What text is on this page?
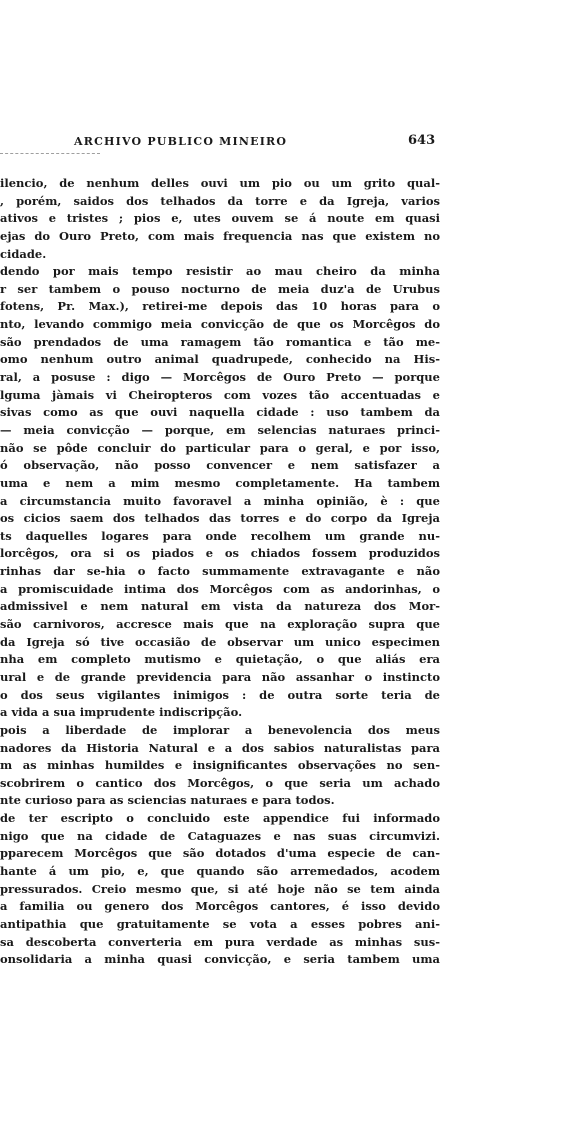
ARCHIVO PUBLICO MINEIRO	643
ilencio, de nenhum delles ouvi um pio ou um grito qual-
, porém, saidos dos telhados da torre e da Igreja, varios
ativos e tristes ; pios e, utes ouvem se á noute em quasi
ejas do Ouro Preto, com mais frequencia nas que existem no
cidade.
dendo por mais tempo resistir ao mau cheiro da minha
r ser tambem o pouso nocturno de meia duz'a de Urubus
fotens, Pr. Max.), retirei-me depois das 10 horas para o
nto, levando commigo meia convicção de que os Morcêgos do
são prendados de uma ramagem tão romantica e tão me-
omo nenhum outro animal quadrupede, conhecido na His-
ral, a posuse : digo — Morcêgos de Ouro Preto — porque
lguma jàmais vi Cheiropteros com vozes tão accentuadas e
sivas como as que ouvi naquella cidade : uso tambem da
— meia convicção — porque, em selencias naturaes princi-
não se pôde concluir do particular para o geral, e por isso,
ó observação, não posso convencer e nem satisfazer a
uma e nem a mim mesmo completamente. Ha tambem
a circumstancia muito favoravel a minha opinião, è : que
os cicios saem dos telhados das torres e do corpo da Igreja
ts daquelles logares para onde recolhem um grande nu-
lorcêgos, ora si os piados e os chiados fossem produzidos
rinhas dar se-hia o facto summamente extravagante e não
a promiscuidade intima dos Morcêgos com as andorinhas, o
admissivel e nem natural em vista da natureza dos Mor-
são carnivoros, accresce mais que na exploração supra que
da Igreja só tive occasião de observar um unico especimen
nha em completo mutismo e quietação, o que aliás era
ural e de grande previdencia para não assanhar o instincto
o dos seus vigilantes inimigos : de outra sorte teria de
a vida a sua imprudente indiscripção.
pois a liberdade de implorar a benevolencia dos meus
nadores da Historia Natural e a dos sabios naturalistas para
m as minhas humildes e insignificantes observações no sen-
scobrirem o cantico dos Morcêgos, o que seria um achado
nte curioso para as sciencias naturaes e para todos.
de ter escripto o concluido este appendice fui informado
nigo que na cidade de Cataguazes e nas suas circumvizi.
pparecem Morcêgos que são dotados d'uma especie de can-
hante á um pio, e, que quando são arremedados, acodem
pressurados. Creio mesmo que, si até hoje não se tem ainda
a familia ou genero dos Morcêgos cantores, é isso devido
antipathia que gratuitamente se vota a esses pobres ani-
sa descoberta converteria em pura verdade as minhas sus-
onsolidaria a minha quasi convicção, e seria tambem uma
